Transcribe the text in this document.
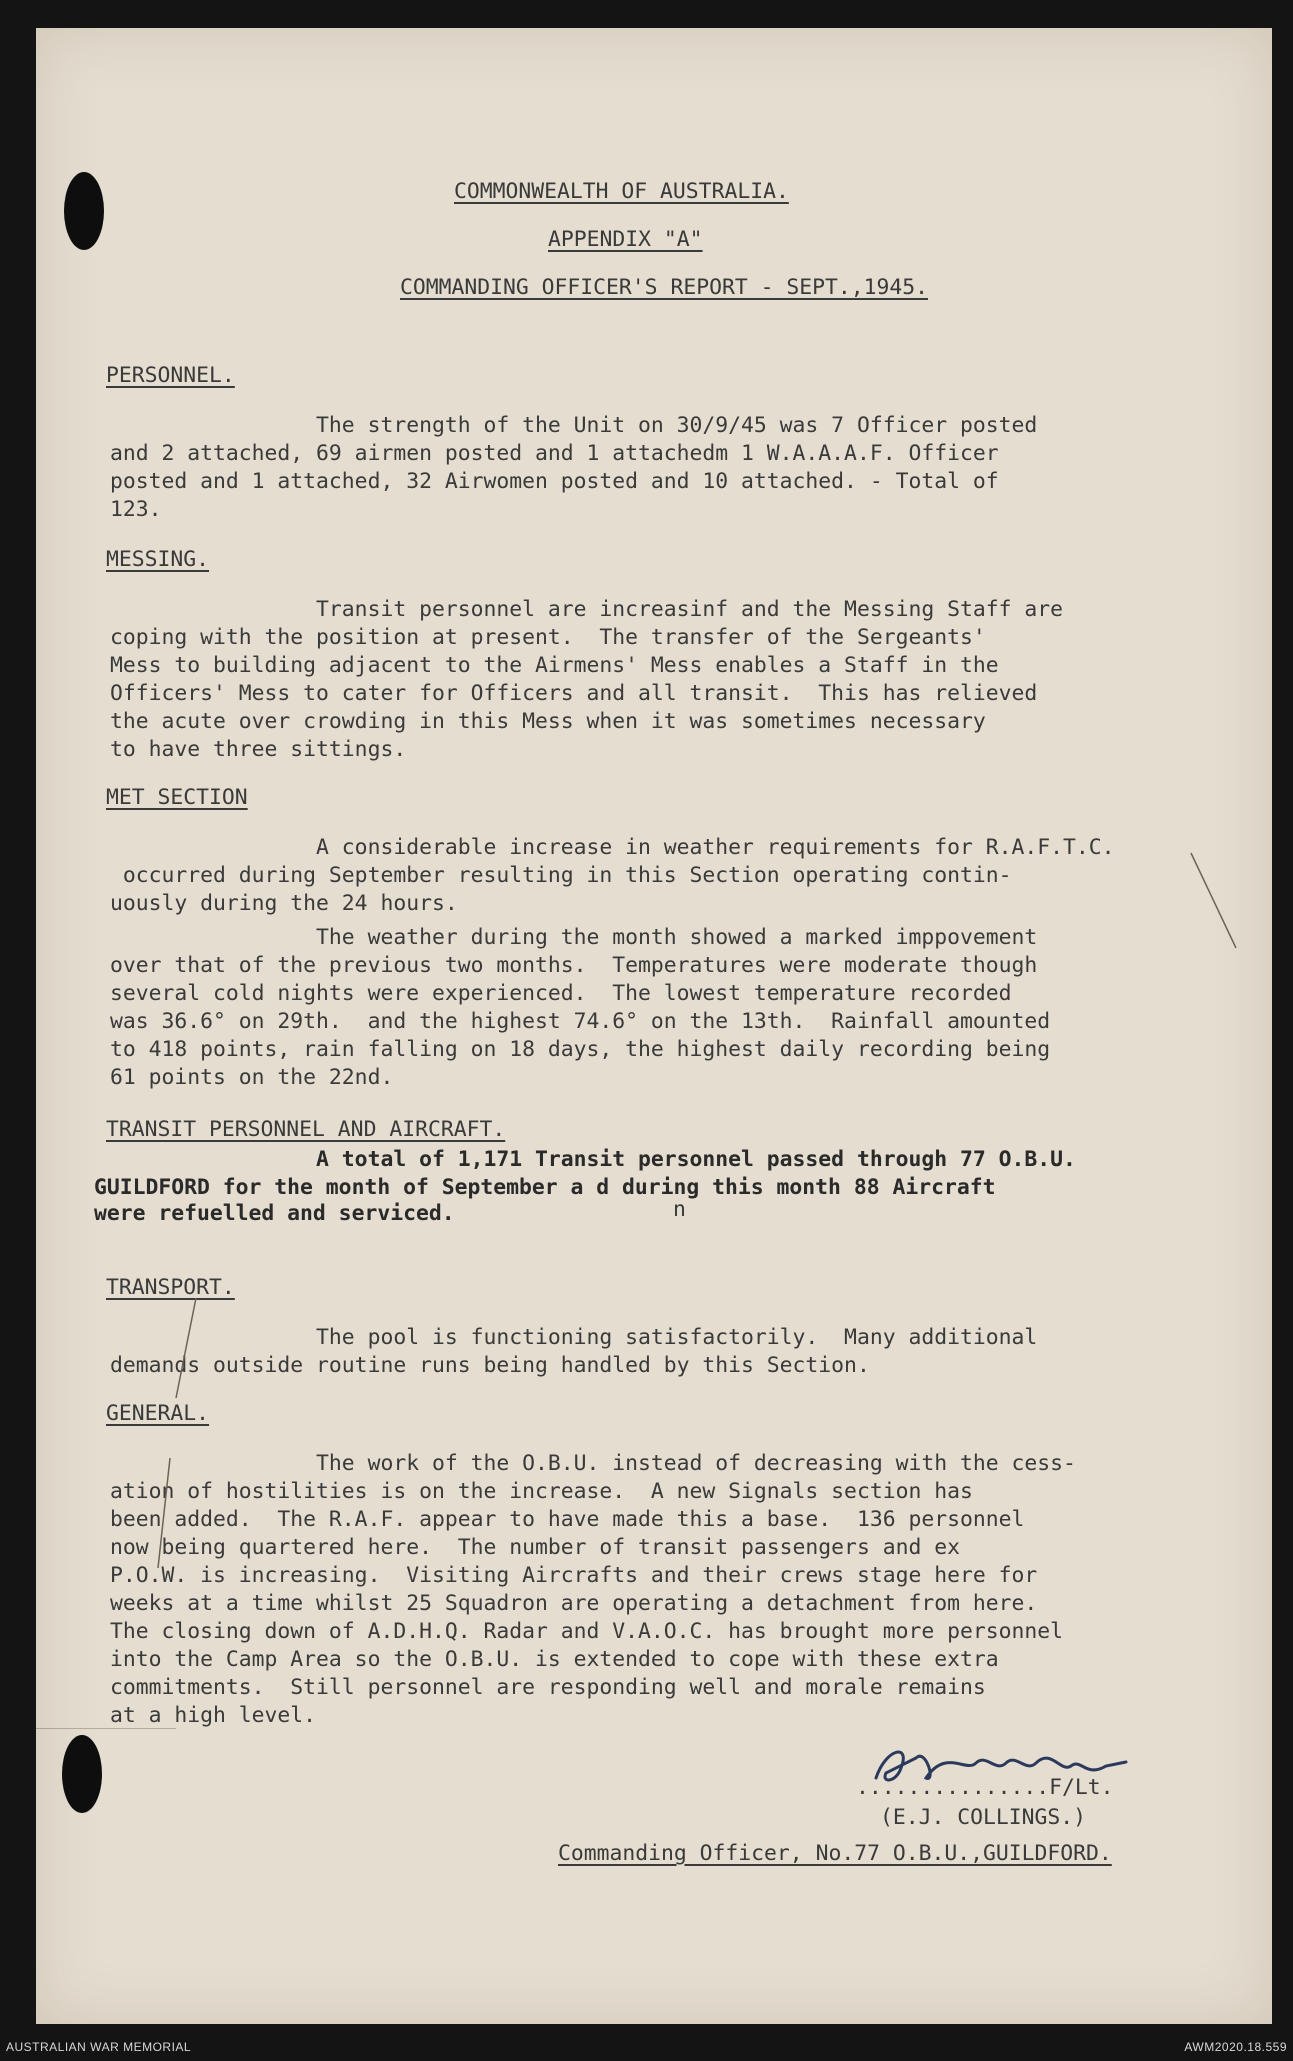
COMMONWEALTH OF AUSTRALIA.

APPENDIX "A"

COMMANDING OFFICER'S REPORT - SEPT.,1945.

PERSONNEL.

The strength of the Unit on 30/9/45 was 7 Officer posted

and 2 attached, 69 airmen posted and 1 attachedm 1 W.A.A.A.F. Officer

posted and 1 attached, 32 Airwomen posted and 10 attached. - Total of

123.

MESSING.

Transit personnel are increasinf and the Messing Staff are

coping with the position at present.  The transfer of the Sergeants'

Mess to building adjacent to the Airmens' Mess enables a Staff in the

Officers' Mess to cater for Officers and all transit.  This has relieved

the acute over crowding in this Mess when it was sometimes necessary

to have three sittings.

MET SECTION

A considerable increase in weather requirements for R.A.F.T.C.

occurred during September resulting in this Section operating contin-

uously during the 24 hours.

The weather during the month showed a marked imppovement

over that of the previous two months.  Temperatures were moderate though

several cold nights were experienced.  The lowest temperature recorded

was 36.6° on 29th.  and the highest 74.6° on the 13th.  Rainfall amounted

to 418 points, rain falling on 18 days, the highest daily recording being

61 points on the 22nd.

TRANSIT PERSONNEL AND AIRCRAFT.

A total of 1,171 Transit personnel passed through 77 O.B.U.

GUILDFORD for the month of September a d during this month 88 Aircraft

were refuelled and serviced.	n

TRANSPORT.

The pool is functioning satisfactorily.  Many additional

demands outside routine runs being handled by this Section.

GENERAL.

The work of the O.B.U. instead of decreasing with the cess-

ation of hostilities is on the increase.  A new Signals section has

been added.  The R.A.F. appear to have made this a base.  136 personnel

now being quartered here.  The number of transit passengers and ex

P.O.W. is increasing.  Visiting Aircrafts and their crews stage here for

weeks at a time whilst 25 Squadron are operating a detachment from here.

The closing down of A.D.H.Q. Radar and V.A.O.C. has brought more personnel

into the Camp Area so the O.B.U. is extended to cope with these extra

commitments.  Still personnel are responding well and morale remains

at a high level.

...............F/Lt.

(E.J. COLLINGS.)

Commanding Officer, No.77 O.B.U.,GUILDFORD.

AUSTRALIAN WAR MEMORIAL	AWM2020.18.559
